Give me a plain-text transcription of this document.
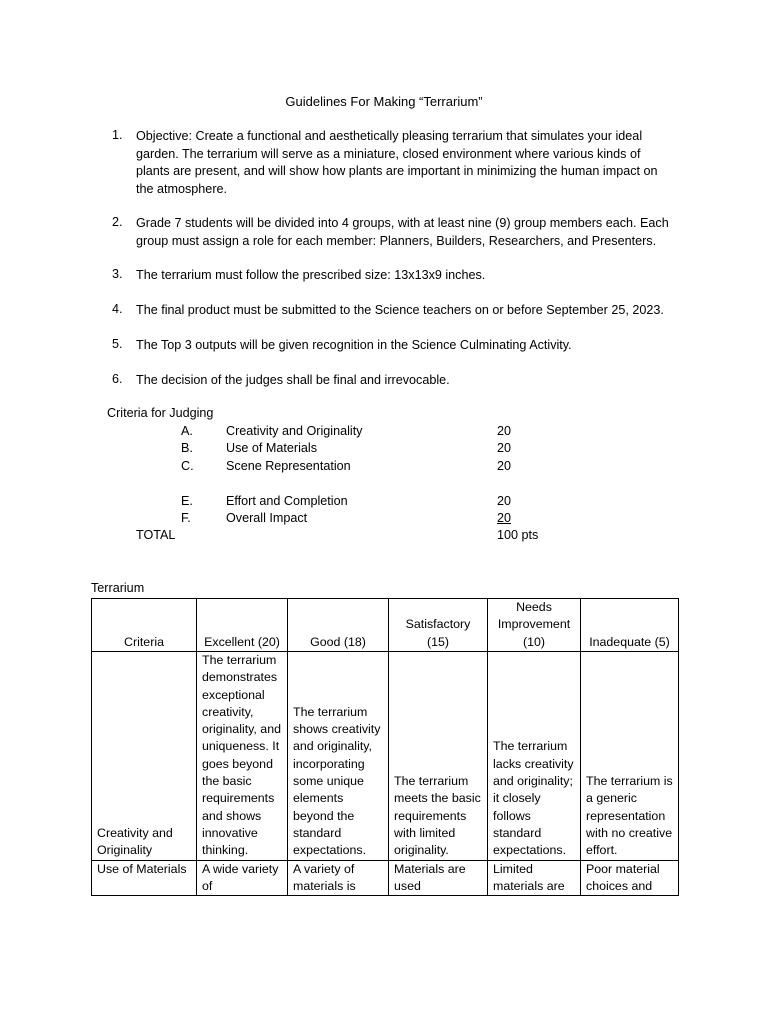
Guidelines For Making “Terrarium”
1. Objective: Create a functional and aesthetically pleasing terrarium that simulates your ideal garden. The terrarium will serve as a miniature, closed environment where various kinds of plants are present, and will show how plants are important in minimizing the human impact on the atmosphere.
2. Grade 7 students will be divided into 4 groups, with at least nine (9) group members each. Each group must assign a role for each member: Planners, Builders, Researchers, and Presenters.
3. The terrarium must follow the prescribed size: 13x13x9 inches.
4. The final product must be submitted to the Science teachers on or before September 25, 2023.
5. The Top 3 outputs will be given recognition in the Science Culminating Activity.
6. The decision of the judges shall be final and irrevocable.
Criteria for Judging
A.	Creativity and Originality	20
B.	Use of Materials	20
C.	Scene Representation	20
E.	Effort and Completion	20
F.	Overall Impact	20
TOTAL	100 pts
Terrarium
Criteria	Excellent (20)	Good (18)	Satisfactory (15)	Needs Improvement (10)	Inadequate (5)
Creativity and Originality	The terrarium demonstrates exceptional creativity, originality, and uniqueness. It goes beyond the basic requirements and shows innovative thinking.	The terrarium shows creativity and originality, incorporating some unique elements beyond the standard expectations.	The terrarium meets the basic requirements with limited originality.	The terrarium lacks creativity and originality; it closely follows standard expectations.	The terrarium is a generic representation with no creative effort.
Use of Materials	A wide variety of	A variety of materials is	Materials are used	Limited materials are	Poor material choices and
